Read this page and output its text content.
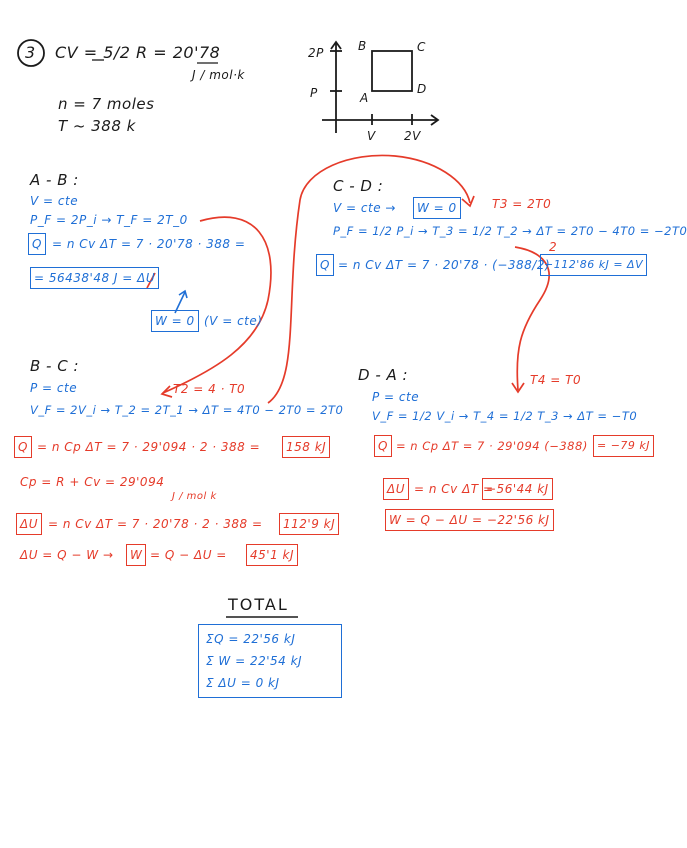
3 CV = 5/2 R = 20'78
J / mol·k
n = 7 moles
T ~ 388 k
2P
P
V 2V
A
B	C
D
A - B :
V = cte
P_F = 2P_i → T_F = 2T_0
Q = n Cv ΔT = 7 · 20'78 · 388 =
= 56438'48 J = ΔU
W = 0 (V = cte)
C - D :
V = cte → W = 0	T3 = 2T0
P_F = 1/2 P_i → T_3 = 1/2 T_2 → ΔT = 2T0 − 4T0 = −2T0
Q = n Cv ΔT = 7 · 20'78 · (−388/2)
2
−112'86 kJ = ΔV
B - C :
P = cte	T2 = 4 · T0
V_F = 2V_i → T_2 = 2T_1 → ΔT = 4T0 − 2T0 = 2T0
Q = n Cp ΔT = 7 · 29'094 · 2 · 388 = 158 kJ
Cp = R + Cv = 29'094
J / mol k
ΔU = n Cv ΔT = 7 · 20'78 · 2 · 388 = 112'9 kJ
ΔU = Q − W → W = Q − ΔU = 45'1 kJ
D - A :
P = cte
T4 = T0
V_F = 1/2 V_i → T_4 = 1/2 T_3 → ΔT = −T0
Q = n Cp ΔT = 7 · 29'094 (−388) = −79 kJ
ΔU = n Cv ΔT =
−56'44 kJ
W = Q − ΔU = −22'56 kJ
TOTAL
ΣQ = 22'56 kJ
Σ W = 22'54 kJ
Σ ΔU = 0 kJ
